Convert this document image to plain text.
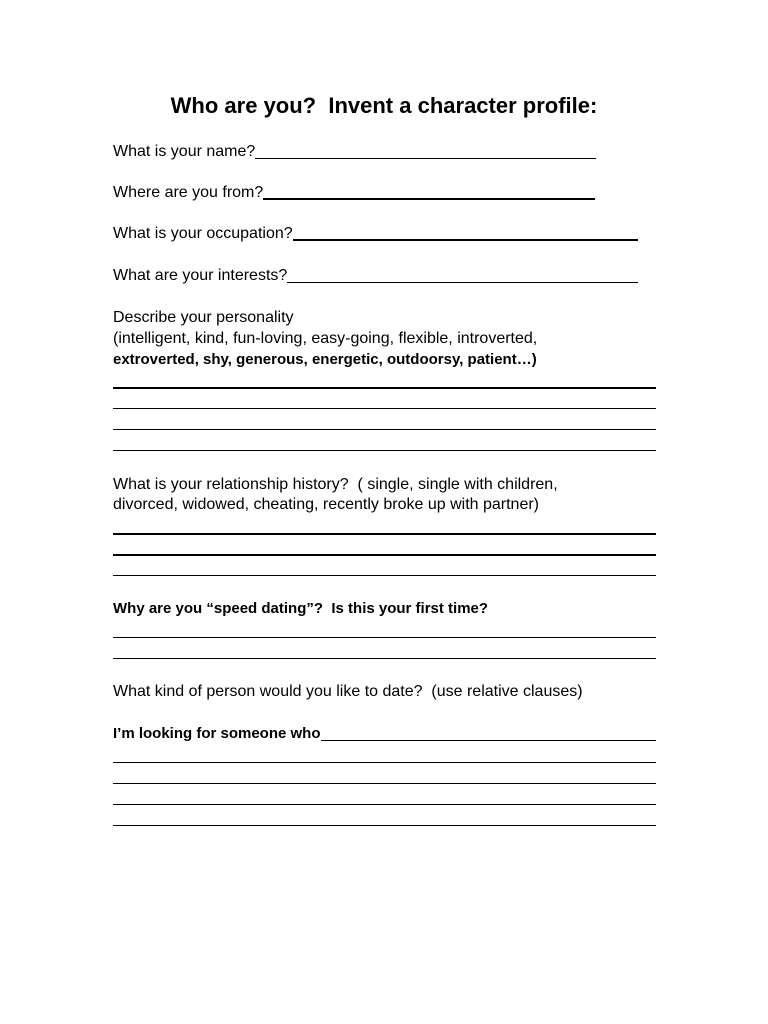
Who are you?  Invent a character profile:
What is your name?
Where are you from?
What is your occupation?
What are your interests?
Describe your personality
(intelligent, kind, fun-loving, easy-going, flexible, introverted,
extroverted, shy, generous, energetic, outdoorsy, patient…)
What is your relationship history?  ( single, single with children,
divorced, widowed, cheating, recently broke up with partner)
Why are you “speed dating”?  Is this your first time?
What kind of person would you like to date?  (use relative clauses)
I’m looking for someone who
